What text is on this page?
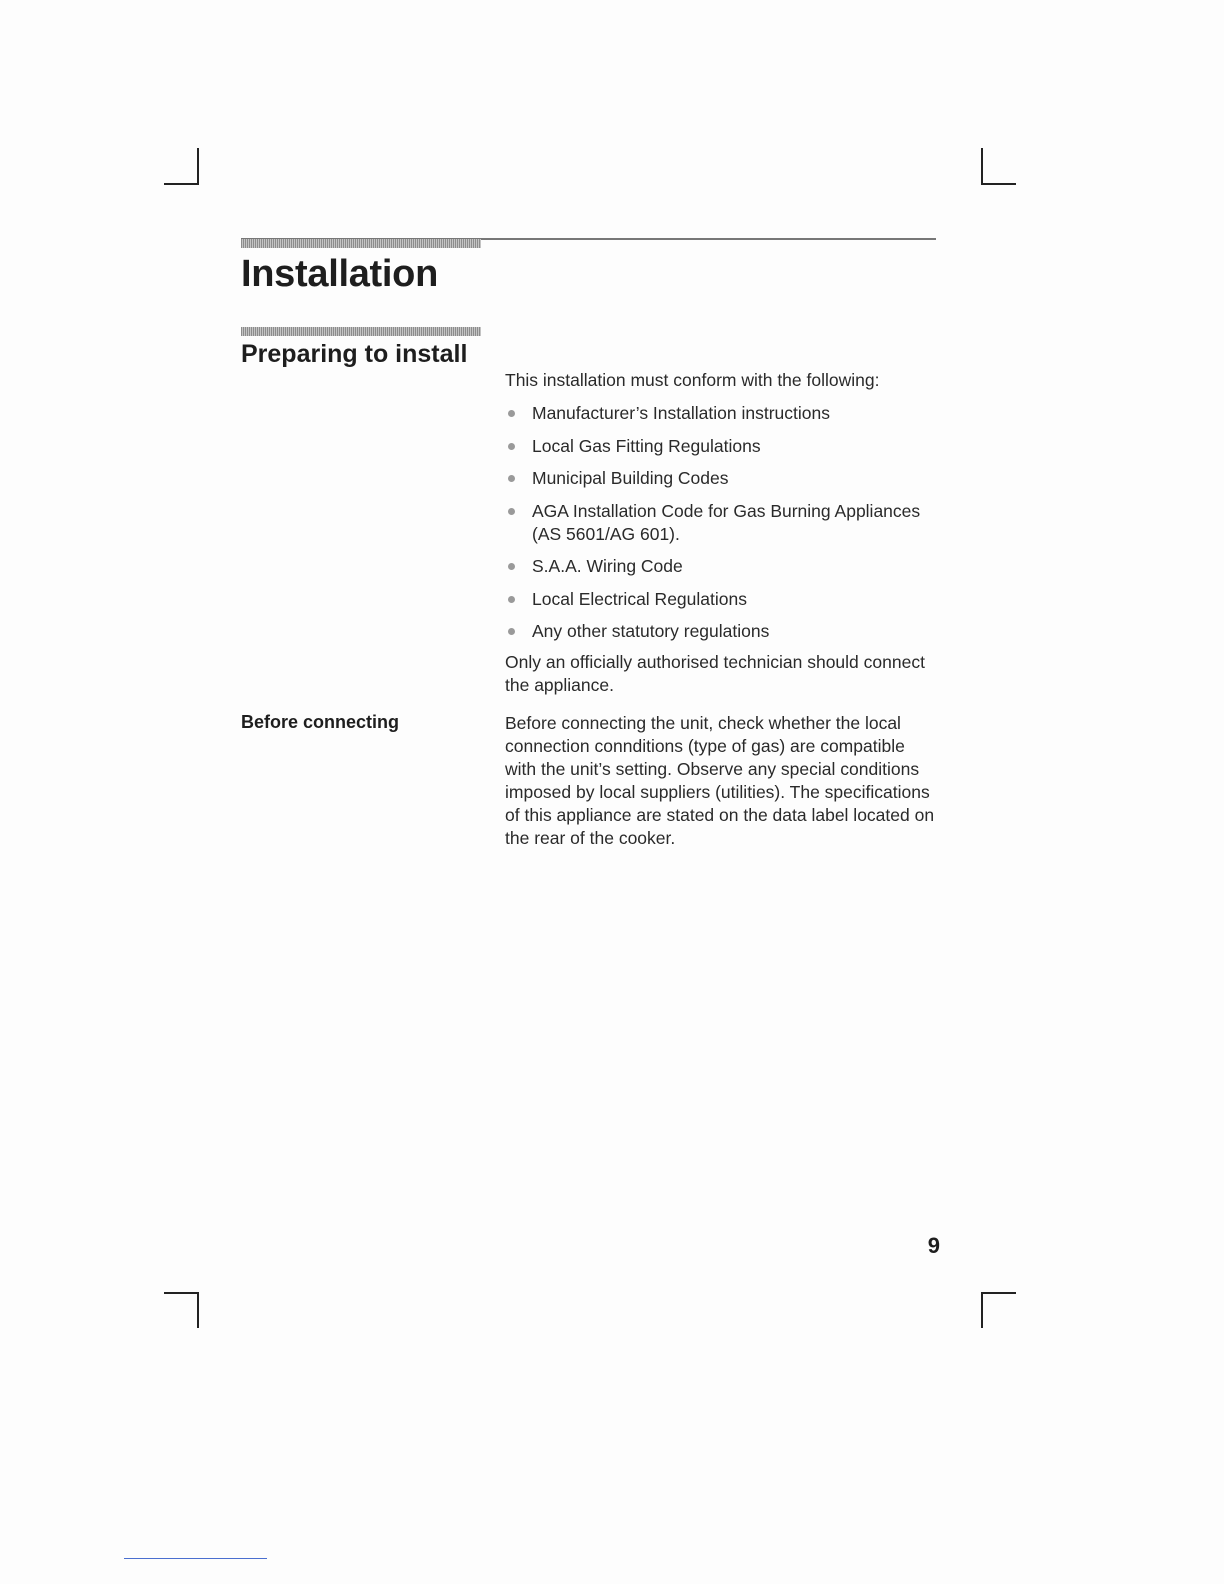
Installation
Preparing to install

This installation must conform with the following:

Manufacturer’s Installation instructions
Local Gas Fitting Regulations
Municipal Building Codes
AGA Installation Code for Gas Burning Appliances (AS 5601/AG 601).
S.A.A. Wiring Code
Local Electrical Regulations
Any other statutory regulations

Only an officially authorised technician should connect the appliance.

Before connecting	Before connecting the unit, check whether the local connection connditions (type of gas) are compatible with the unit’s setting. Observe any special conditions imposed by local suppliers (utilities). The specifications of this appliance are stated on the data label located on the rear of the cooker.

9
